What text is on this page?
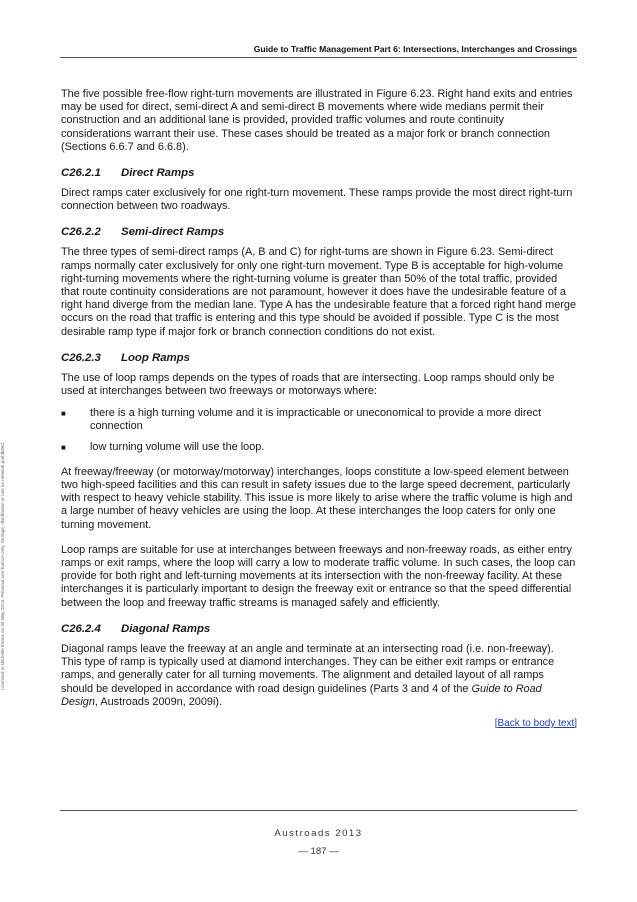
Guide to Traffic Management Part 6: Intersections, Interchanges and Crossings
Licensed to Michelle Evans on 30 May 2013. Personal use licence only. Storage, distribution or use on network prohibited.

The five possible free-flow right-turn movements are illustrated in Figure 6.23. Right hand exits and entries may be used for direct, semi-direct A and semi-direct B movements where wide medians permit their construction and an additional lane is provided, provided traffic volumes and route continuity considerations warrant their use. These cases should be treated as a major fork or branch connection (Sections 6.6.7 and 6.6.8).

C26.2.1 Direct Ramps

Direct ramps cater exclusively for one right-turn movement. These ramps provide the most direct right-turn connection between two roadways.

C26.2.2 Semi-direct Ramps

The three types of semi-direct ramps (A, B and C) for right-turns are shown in Figure 6.23. Semi-direct ramps normally cater exclusively for only one right-turn movement. Type B is acceptable for high-volume right-turning movements where the right-turning volume is greater than 50% of the total traffic, provided that route continuity considerations are not paramount, however it does have the undesirable feature of a right hand diverge from the median lane. Type A has the undesirable feature that a forced right hand merge occurs on the road that traffic is entering and this type should be avoided if possible. Type C is the most desirable ramp type if major fork or branch connection conditions do not exist.

C26.2.3 Loop Ramps

The use of loop ramps depends on the types of roads that are intersecting. Loop ramps should only be used at interchanges between two freeways or motorways where:

■ there is a high turning volume and it is impracticable or uneconomical to provide a more direct connection
■ low turning volume will use the loop.

At freeway/freeway (or motorway/motorway) interchanges, loops constitute a low-speed element between two high-speed facilities and this can result in safety issues due to the large speed decrement, particularly with respect to heavy vehicle stability. This issue is more likely to arise where the traffic volume is high and a large number of heavy vehicles are using the loop. At these interchanges the loop caters for only one turning movement.

Loop ramps are suitable for use at interchanges between freeways and non-freeway roads, as either entry ramps or exit ramps, where the loop will carry a low to moderate traffic volume. In such cases, the loop can provide for both right and left-turning movements at its intersection with the non-freeway facility. At these interchanges it is particularly important to design the freeway exit or entrance so that the speed differential between the loop and freeway traffic streams is managed safely and efficiently.

C26.2.4 Diagonal Ramps

Diagonal ramps leave the freeway at an angle and terminate at an intersecting road (i.e. non-freeway). This type of ramp is typically used at diamond interchanges. They can be either exit ramps or entrance ramps, and generally cater for all turning movements. The alignment and detailed layout of all ramps should be developed in accordance with road design guidelines (Parts 3 and 4 of the Guide to Road Design, Austroads 2009n, 2009i).

[Back to body text]
Austroads 2013
— 187 —
